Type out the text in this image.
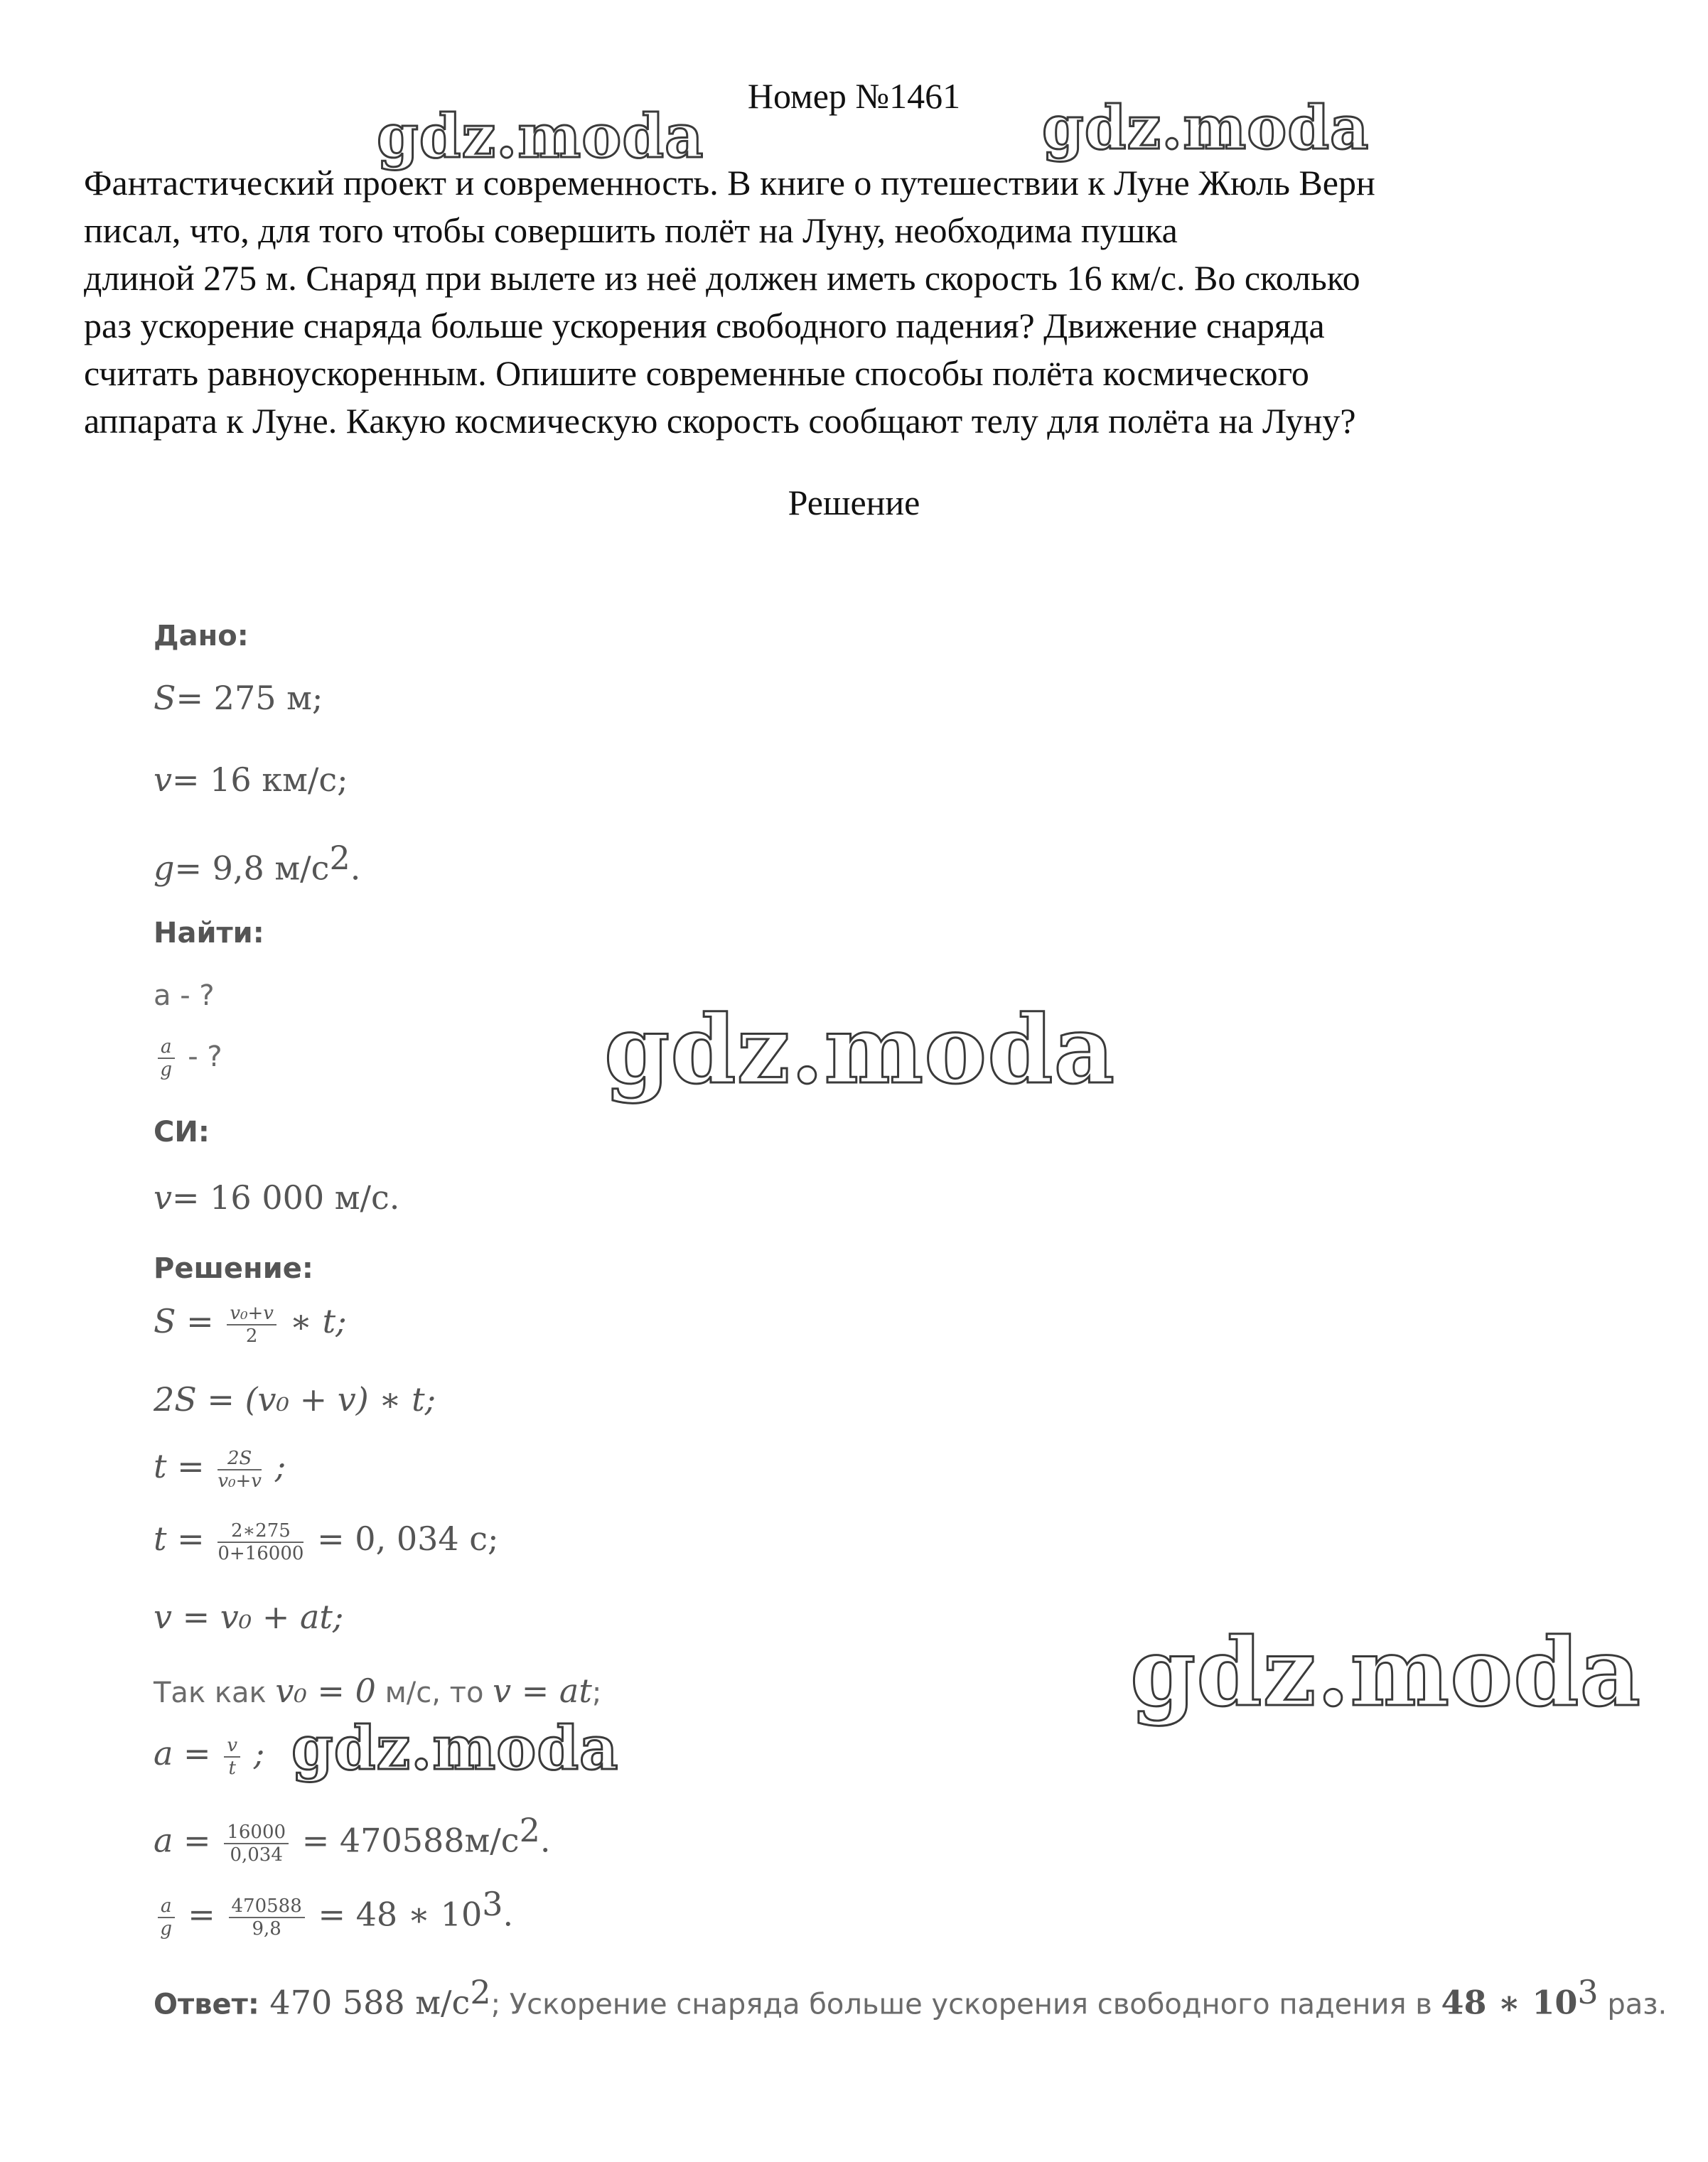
gdz.moda	gdz.moda
gdz.moda
gdz.moda
gdz.moda
Номер №1461
Фантастический проект и современность. В книге о путешествии к Луне Жюль Верн
писал, что, для того чтобы совершить полёт на Луну, необходима пушка
длиной 275 м. Снаряд при вылете из неё должен иметь скорость 16 км/с. Во сколько
раз ускорение снаряда больше ускорения свободного падения? Движение снаряда
считать равноускоренным. Опишите современные способы полёта космического
аппарата к Луне. Какую космическую скорость сообщают телу для полёта на Луну?
Решение
Дано:
S= 275 м;
v= 16 км/с;
g= 9,8 $м/с^2$.
Найти:
a - ?
$\frac{a}{g}$ - ?
СИ:
v= 16 000 м/с.
Решение:
$S = \frac{\text{v₀+v}}{2}$ ∗ t;
2S = (v₀ + v) ∗ t;
$t = \frac{2S}{\text{v₀+v}}$ ;
$t = \frac{2∗275}{0+16000} = 0$, 034 с;
v = v₀ + at;
Так как v₀ = 0 м/с, то v = at;
$a = \frac{v}{t}$ ;
$a = \frac{16000}{0,034} = 470588м/с^2$.
$\frac{a}{g} = \frac{470588}{9,8} = 48$ ∗ $10^3$.
Ответ: 470 588 $м/с^2$; Ускорение снаряда больше ускорения свободного падения в 48 ∗ $10^3$ раз.
